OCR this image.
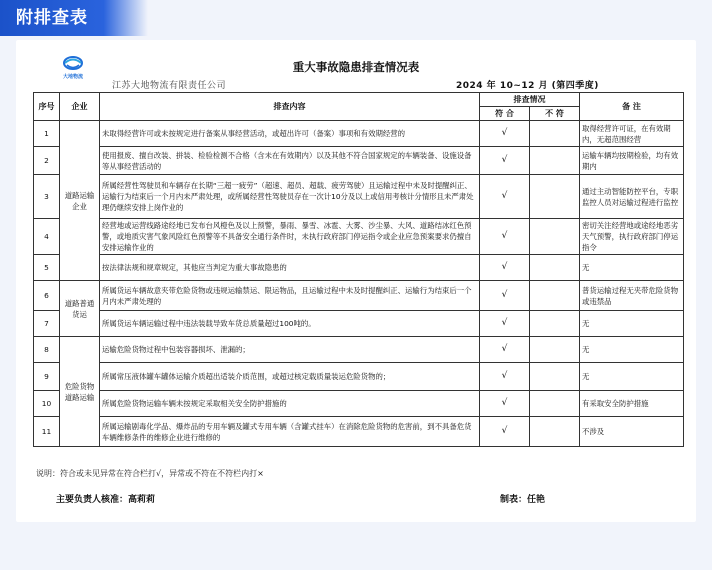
附排查表
大地物流
江苏大地物流有限责任公司
重大事故隐患排查情况表
2024 年 10~12 月 (第四季度)
序号	企业	排查内容	排查情况		备 注
			符 合	不 符	
1	道路运输企业	未取得经营许可或未按规定进行备案从事经营活动，或超出许可（备案）事项和有效期经营的	√		取得经营许可证，在有效期内，无超范围经营
2		使用报废、擅自改装、拼装、检验检测不合格（含未在有效期内）以及其他不符合国家规定的车辆装备、设施设备等从事经营活动的	√		运输车辆均按期检验，均有效期内
3		所属经营性驾驶员和车辆存在长期“三超一疲劳”（超速、超员、超载、疲劳驾驶）且运输过程中未及时提醒纠正、运输行为结束后一个月内未严肃处理，或所属经营性驾驶员存在一次计10分及以上或信用考核计分情形且未严肃处理仍继续安排上岗作业的	√		通过主动智能防控平台，专职监控人员对运输过程进行监控
4		经营地或运营线路途经地已发布台风橙色及以上预警，暴雨、暴雪、冰雹、大雾、沙尘暴、大风、道路结冰红色预警，或地质灾害气象风险红色预警等不具备安全通行条件时，未执行政府部门停运指令或企业应急预案要求仍擅自安排运输作业的	√		密切关注经营地或途经地恶劣天气预警，执行政府部门停运指令
5		按法律法规和规章规定，其他应当判定为重大事故隐患的	√		无
6	道路普通货运	所属货运车辆故意夹带危险货物或违规运输禁运、限运物品，且运输过程中未及时提醒纠正、运输行为结束后一个月内未严肃处理的	√		普货运输过程无夹带危险货物或违禁品
7		所属货运车辆运输过程中违法装载导致车货总质量超过100吨的。	√		无
8	危险货物道路运输	运输危险货物过程中包装容器损坏、泄漏的；	√		无
9		所属常压液体罐车罐体运输介质超出适装介质范围，或超过核定载质量装运危险货物的；	√		无
10		所属危险货物运输车辆未按规定采取相关安全防护措施的	√		有采取安全防护措施
11		所属运输剧毒化学品、爆炸品的专用车辆及罐式专用车辆（含罐式挂车）在消除危险货物的危害前，到不具备危货车辆维修条件的维修企业进行维修的	√		不涉及
说明：符合或未见异常在符合栏打√，异常或不符在不符栏内打×
主要负责人核准：高莉莉	制表：任艳
